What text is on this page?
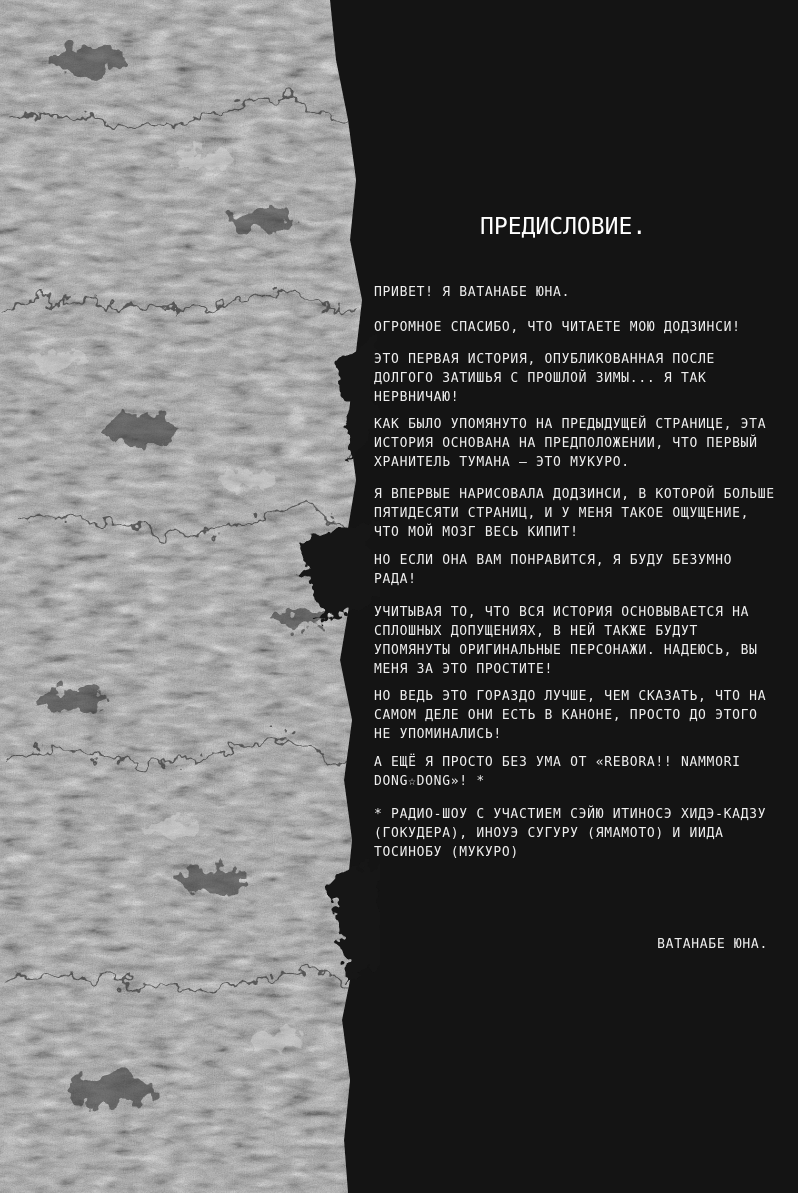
ПРЕДИСЛОВИЕ.

ПРИВЕТ! Я ВАТАНАБЕ ЮНА.

ОГРОМНОЕ СПАСИБО, ЧТО ЧИТАЕТЕ МОЮ ДОДЗИНСИ!

ЭТО ПЕРВАЯ ИСТОРИЯ, ОПУБЛИКОВАННАЯ ПОСЛЕ ДОЛГОГО ЗАТИШЬЯ С ПРОШЛОЙ ЗИМЫ... Я ТАК НЕРВНИЧАЮ!

КАК БЫЛО УПОМЯНУТО НА ПРЕДЫДУЩЕЙ СТРАНИЦЕ, ЭТА ИСТОРИЯ ОСНОВАНА НА ПРЕДПОЛОЖЕНИИ, ЧТО ПЕРВЫЙ ХРАНИТЕЛЬ ТУМАНА — ЭТО МУКУРО.

Я ВПЕРВЫЕ НАРИСОВАЛА ДОДЗИНСИ, В КОТОРОЙ БОЛЬШЕ ПЯТИДЕСЯТИ СТРАНИЦ, И У МЕНЯ ТАКОЕ ОЩУЩЕНИЕ, ЧТО МОЙ МОЗГ ВЕСЬ КИПИТ!

НО ЕСЛИ ОНА ВАМ ПОНРАВИТСЯ, Я БУДУ БЕЗУМНО РАДА!

УЧИТЫВАЯ ТО, ЧТО ВСЯ ИСТОРИЯ ОСНОВЫВАЕТСЯ НА СПЛОШНЫХ ДОПУЩЕНИЯХ, В НЕЙ ТАКЖЕ БУДУТ УПОМЯНУТЫ ОРИГИНАЛЬНЫЕ ПЕРСОНАЖИ. НАДЕЮСЬ, ВЫ МЕНЯ ЗА ЭТО ПРОСТИТЕ!

НО ВЕДЬ ЭТО ГОРАЗДО ЛУЧШЕ, ЧЕМ СКАЗАТЬ, ЧТО НА САМОМ ДЕЛЕ ОНИ ЕСТЬ В КАНОНЕ, ПРОСТО ДО ЭТОГО НЕ УПОМИНАЛИСЬ!

А ЕЩЁ Я ПРОСТО БЕЗ УМА ОТ «REBORA!! NAMMORI DONG☆DONG»! *

* РАДИО-ШОУ С УЧАСТИЕМ СЭЙЮ ИТИНОСЭ ХИДЭ-КАДЗУ (ГОКУДЕРА), ИНОУЭ СУГУРУ (ЯМАМОТО) И ИИДА ТОСИНОБУ (МУКУРО)

ВАТАНАБЕ ЮНА.
